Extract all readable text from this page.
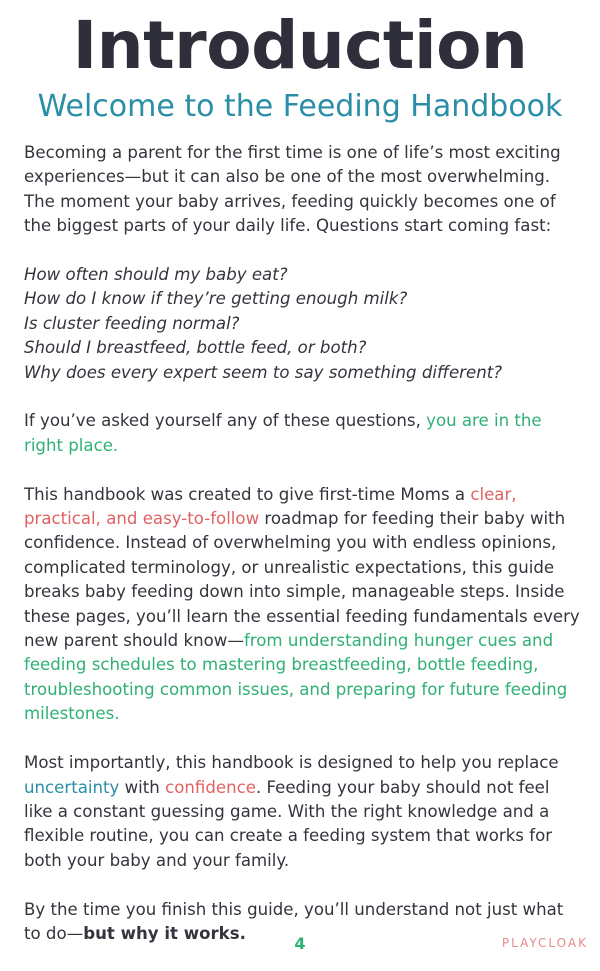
Introduction
Welcome to the Feeding Handbook

Becoming a parent for the first time is one of life’s most exciting experiences—but it can also be one of the most overwhelming. The moment your baby arrives, feeding quickly becomes one of the biggest parts of your daily life. Questions start coming fast:

How often should my baby eat?
How do I know if they’re getting enough milk?
Is cluster feeding normal?
Should I breastfeed, bottle feed, or both?
Why does every expert seem to say something different?

If you’ve asked yourself any of these questions, you are in the right place.

This handbook was created to give first-time Moms a clear, practical, and easy-to-follow roadmap for feeding their baby with confidence. Instead of overwhelming you with endless opinions, complicated terminology, or unrealistic expectations, this guide breaks baby feeding down into simple, manageable steps. Inside these pages, you’ll learn the essential feeding fundamentals every new parent should know—from understanding hunger cues and feeding schedules to mastering breastfeeding, bottle feeding, troubleshooting common issues, and preparing for future feeding milestones.

Most importantly, this handbook is designed to help you replace uncertainty with confidence. Feeding your baby should not feel like a constant guessing game. With the right knowledge and a flexible routine, you can create a feeding system that works for both your baby and your family.

By the time you finish this guide, you’ll understand not just what to do—but why it works.

4	PLAYCLOAK
